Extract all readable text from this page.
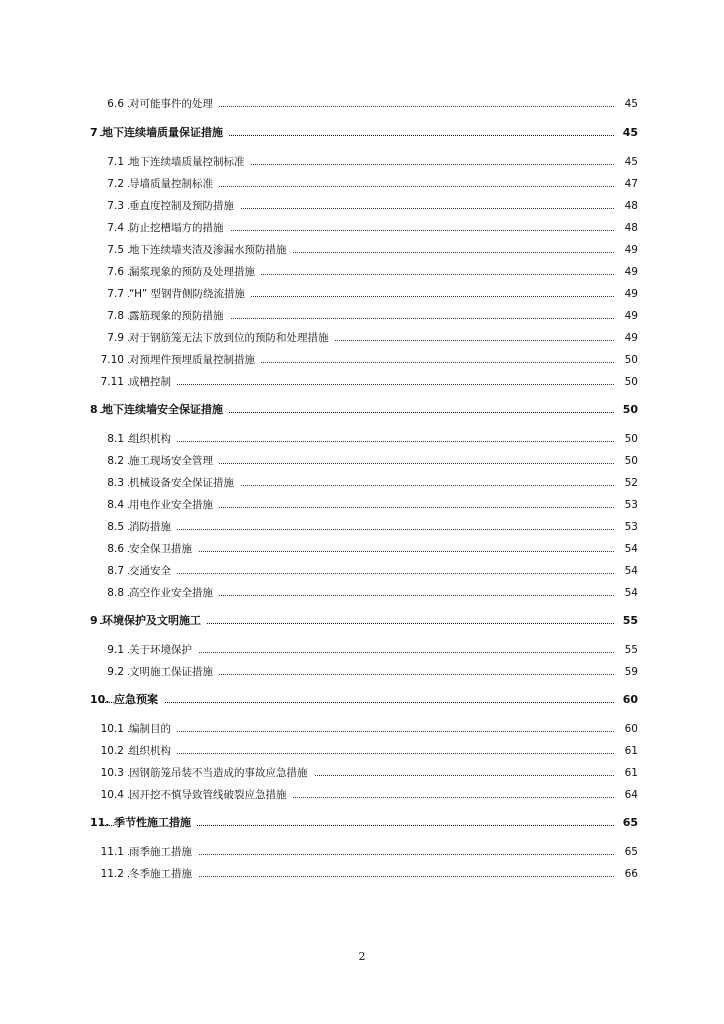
6.6 对可能事件的处理	45
7 地下连续墙质量保证措施	45
7.1 地下连续墙质量控制标准	45
7.2 导墙质量控制标准	47
7.3 垂直度控制及预防措施	48
7.4 防止挖槽塌方的措施	48
7.5 地下连续墙夹渣及渗漏水预防措施	49
7.6 漏浆现象的预防及处理措施	49
7.7 “H” 型钢背侧防绕流措施	49
7.8 露筋现象的预防措施	49
7.9 对于钢筋笼无法下放到位的预防和处理措施	49
7.10 对预埋件预埋质量控制措施	50
7.11 成槽控制	50
8 地下连续墙安全保证措施	50
8.1 组织机构	50
8.2 施工现场安全管理	50
8.3 机械设备安全保证措施	52
8.4 用电作业安全措施	53
8.5 消防措施	53
8.6 安全保卫措施	54
8.7 交通安全	54
8.8 高空作业安全措施	54
9 环境保护及文明施工	55
9.1 关于环境保护	55
9.2 文明施工保证措施	59
10. 应急预案	60
10.1 编制目的	60
10.2 组织机构	61
10.3 因钢筋笼吊装不当造成的事故应急措施	61
10.4 因开挖不慎导致管线破裂应急措施	64
11. 季节性施工措施	65
11.1 雨季施工措施	65
11.2 冬季施工措施	66
2
